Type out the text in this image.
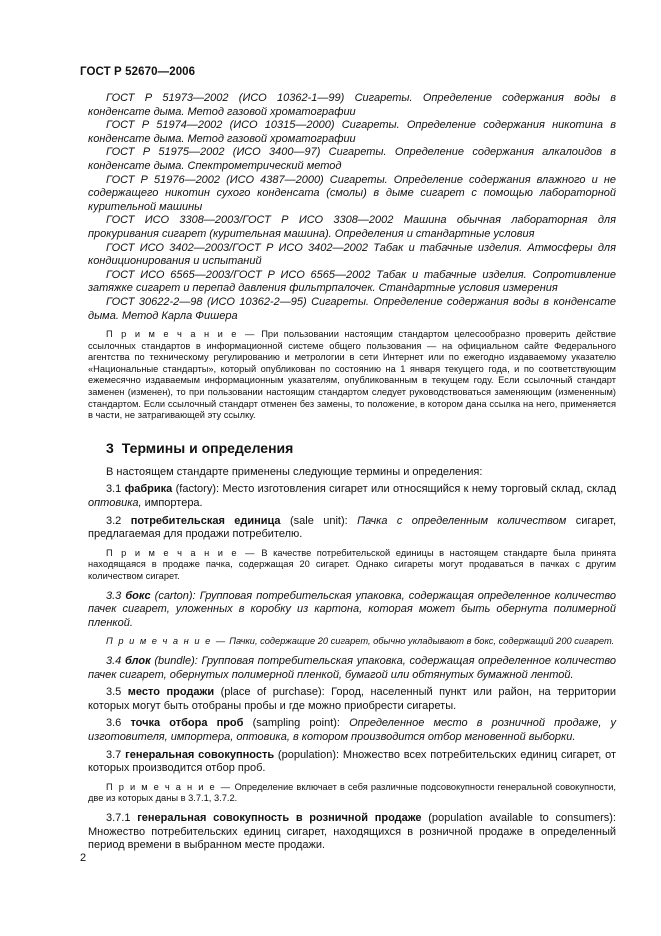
ГОСТ Р 52670—2006

ГОСТ Р 51973—2002 (ИСО 10362-1—99) Сигареты. Определение содержания воды в конденсате дыма. Метод газовой хроматографии

ГОСТ Р 51974—2002 (ИСО 10315—2000) Сигареты. Определение содержания никотина в конденсате дыма. Метод газовой хроматографии

ГОСТ Р 51975—2002 (ИСО 3400—97) Сигареты. Определение содержания алкалоидов в конденсате дыма. Спектрометрический метод

ГОСТ Р 51976—2002 (ИСО 4387—2000) Сигареты. Определение содержания влажного и не содержащего никотин сухого конденсата (смолы) в дыме сигарет с помощью лабораторной курительной машины

ГОСТ ИСО 3308—2003/ГОСТ Р ИСО 3308—2002 Машина обычная лабораторная для прокуривания сигарет (курительная машина). Определения и стандартные условия

ГОСТ ИСО 3402—2003/ГОСТ Р ИСО 3402—2002 Табак и табачные изделия. Атмосферы для кондиционирования и испытаний

ГОСТ ИСО 6565—2003/ГОСТ Р ИСО 6565—2002 Табак и табачные изделия. Сопротивление затяжке сигарет и перепад давления фильтрпалочек. Стандартные условия измерения

ГОСТ 30622-2—98 (ИСО 10362-2—95) Сигареты. Определение содержания воды в конденсате дыма. Метод Карла Фишера

П р и м е ч а н и е — При пользовании настоящим стандартом целесообразно проверить действие ссылочных стандартов в информационной системе общего пользования — на официальном сайте Федерального агентства по техническому регулированию и метрологии в сети Интернет или по ежегодно издаваемому указателю «Национальные стандарты», который опубликован по состоянию на 1 января текущего года, и по соответствующим ежемесячно издаваемым информационным указателям, опубликованным в текущем году. Если ссылочный стандарт заменен (изменен), то при пользовании настоящим стандартом следует руководствоваться заменяющим (измененным) стандартом. Если ссылочный стандарт отменен без замены, то положение, в котором дана ссылка на него, применяется в части, не затрагивающей эту ссылку.

3 Термины и определения

В настоящем стандарте применены следующие термины и определения:

3.1 фабрика (factory): Место изготовления сигарет или относящийся к нему торговый склад, склад оптовика, импортера.

3.2 потребительская единица (sale unit): Пачка с определенным количеством сигарет, предлагаемая для продажи потребителю.

П р и м е ч а н и е — В качестве потребительской единицы в настоящем стандарте была принята находящаяся в продаже пачка, содержащая 20 сигарет. Однако сигареты могут продаваться в пачках с другим количеством сигарет.

3.3 бокс (carton): Групповая потребительская упаковка, содержащая определенное количество пачек сигарет, уложенных в коробку из картона, которая может быть обернута полимерной пленкой.

П р и м е ч а н и е — Пачки, содержащие 20 сигарет, обычно укладывают в бокс, содержащий 200 сигарет.

3.4 блок (bundle): Групповая потребительская упаковка, содержащая определенное количество пачек сигарет, обернутых полимерной пленкой, бумагой или обтянутых бумажной лентой.

3.5 место продажи (place of purchase): Город, населенный пункт или район, на территории которых могут быть отобраны пробы и где можно приобрести сигареты.

3.6 точка отбора проб (sampling point): Определенное место в розничной продаже, у изготовителя, импортера, оптовика, в котором производится отбор мгновенной выборки.

3.7 генеральная совокупность (population): Множество всех потребительских единиц сигарет, от которых производится отбор проб.

П р и м е ч а н и е — Определение включает в себя различные подсовокупности генеральной совокупности, две из которых даны в 3.7.1, 3.7.2.

3.7.1 генеральная совокупность в розничной продаже (population available to consumers): Множество потребительских единиц сигарет, находящихся в розничной продаже в определенный период времени в выбранном месте продажи.

2
